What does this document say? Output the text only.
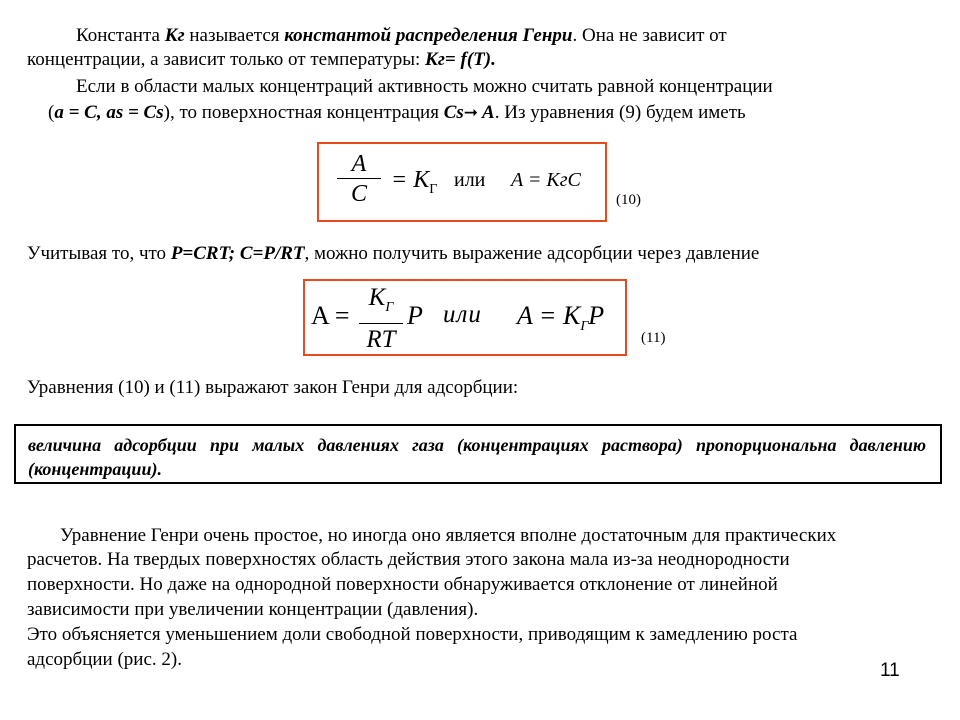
Константа Кг называется константой распределения Генри. Она не зависит от
концентрации, а зависит только от температуры: Кг= f(T).
Если в области малых концентраций активность можно считать равной концентрации
(a = C, as = Cs), то поверхностная концентрация Cs➞ A. Из уравнения (9) будем иметь
A
C
= $K_Г$ или A = KгC
(10)
Учитывая то, что P=CRT; C=P/RT, можно получить выражение адсорбции через давление
A =
$K_Г$
RT
P или $A = K_ГP$
(11)
Уравнения (10) и (11) выражают закон Генри для адсорбции:
величина адсорбции при малых давлениях газа (концентрациях раствора) пропорциональна давлению (концентрации).
Уравнение Генри очень простое, но иногда оно является вполне достаточным для практических
расчетов. На твердых поверхностях область действия этого закона мала из-за неоднородности
поверхности. Но даже на однородной поверхности обнаруживается отклонение от линейной
зависимости при увеличении концентрации (давления).
Это объясняется уменьшением доли свободной поверхности, приводящим к замедлению роста
адсорбции (рис. 2).
11
